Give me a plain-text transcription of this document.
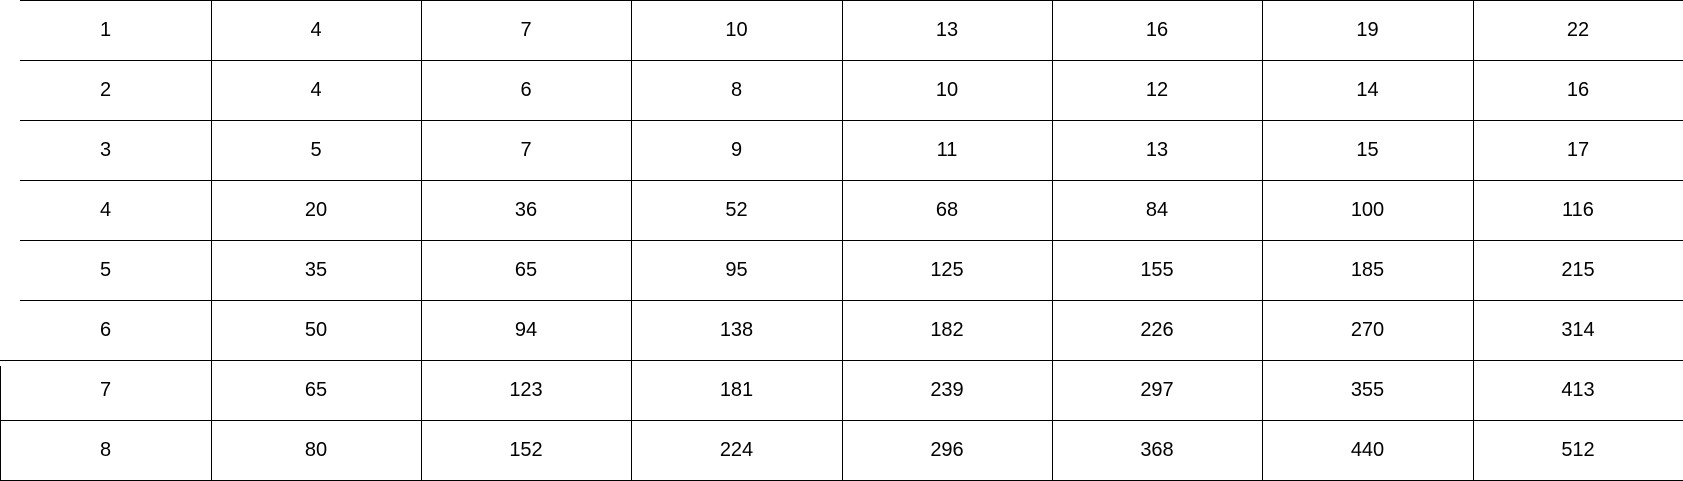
1	4	7	10	13	16	19	22
2	4	6	8	10	12	14	16
3	5	7	9	11	13	15	17
4	20	36	52	68	84	100	116
5	35	65	95	125	155	185	215
6	50	94	138	182	226	270	314
7	65	123	181	239	297	355	413
8	80	152	224	296	368	440	512
